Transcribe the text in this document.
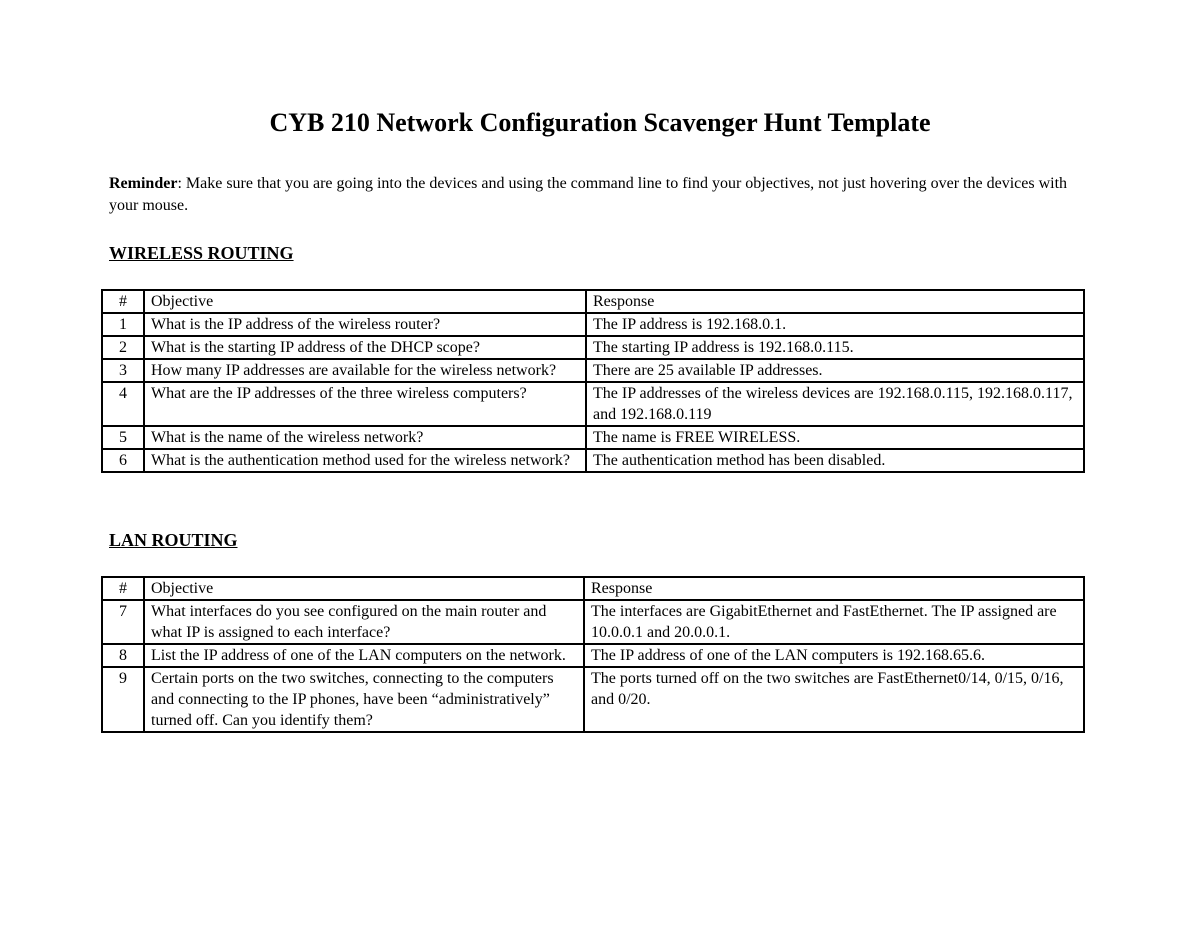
CYB 210 Network Configuration Scavenger Hunt Template
Reminder: Make sure that you are going into the devices and using the command line to find your objectives, not just hovering over the devices with your mouse.
WIRELESS ROUTING
#	Objective	Response
1	What is the IP address of the wireless router?	The IP address is 192.168.0.1.
2	What is the starting IP address of the DHCP scope?	The starting IP address is 192.168.0.115.
3	How many IP addresses are available for the wireless network?	There are 25 available IP addresses.
4	What are the IP addresses of the three wireless computers?	The IP addresses of the wireless devices are 192.168.0.115, 192.168.0.117, and 192.168.0.119
5	What is the name of the wireless network?	The name is FREE WIRELESS.
6	What is the authentication method used for the wireless network?	The authentication method has been disabled.
LAN ROUTING
#	Objective	Response
7	What interfaces do you see configured on the main router and what IP is assigned to each interface?	The interfaces are GigabitEthernet and FastEthernet. The IP assigned are 10.0.0.1 and 20.0.0.1.
8	List the IP address of one of the LAN computers on the network.	The IP address of one of the LAN computers is 192.168.65.6.
9	Certain ports on the two switches, connecting to the computers and connecting to the IP phones, have been “administratively” turned off. Can you identify them?	The ports turned off on the two switches are FastEthernet0/14, 0/15, 0/16, and 0/20.
